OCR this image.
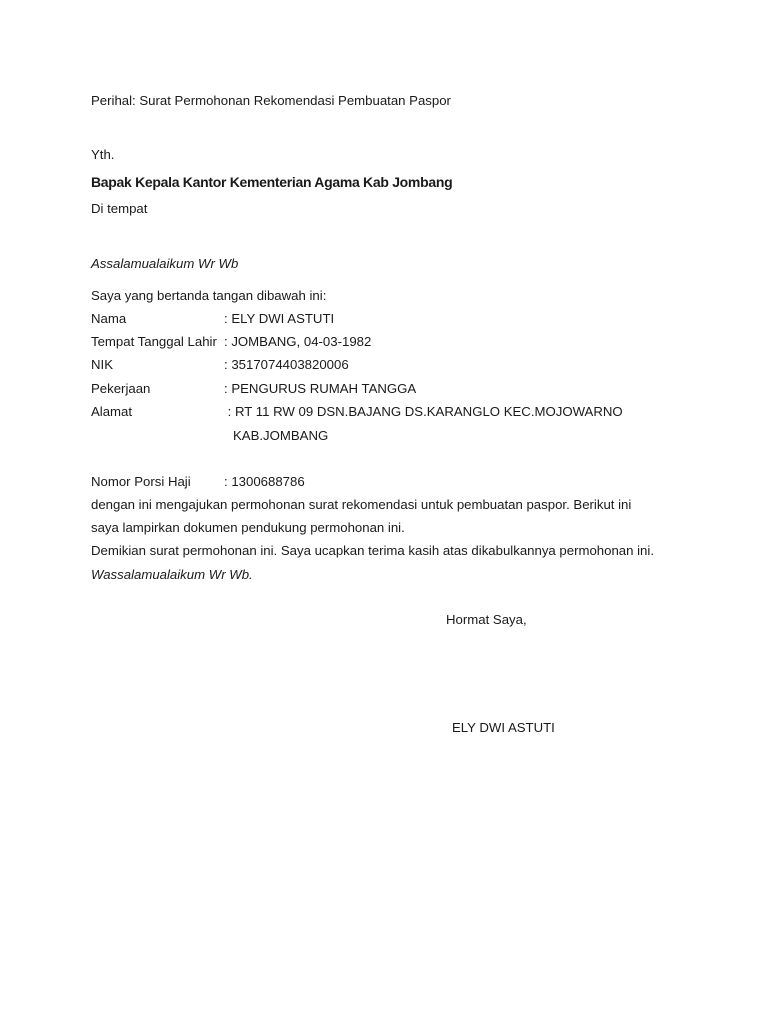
Perihal: Surat Permohonan Rekomendasi Pembuatan Paspor
Yth.
Bapak Kepala Kantor Kementerian Agama Kab Jombang
Di tempat
Assalamualaikum Wr Wb
Saya yang bertanda tangan dibawah ini:
Nama	: ELY DWI ASTUTI
Tempat Tanggal Lahir : JOMBANG, 04-03-1982
NIK	: 3517074403820006
Pekerjaan	: PENGURUS RUMAH TANGGA
Alamat	: RT 11 RW 09 DSN.BAJANG DS.KARANGLO KEC.MOJOWARNO
KAB.JOMBANG
Nomor Porsi Haji	: 1300688786
dengan ini mengajukan permohonan surat rekomendasi untuk pembuatan paspor. Berikut ini
saya lampirkan dokumen pendukung permohonan ini.
Demikian surat permohonan ini. Saya ucapkan terima kasih atas dikabulkannya permohonan ini.
Wassalamualaikum Wr Wb.
Hormat Saya,
ELY DWI ASTUTI
